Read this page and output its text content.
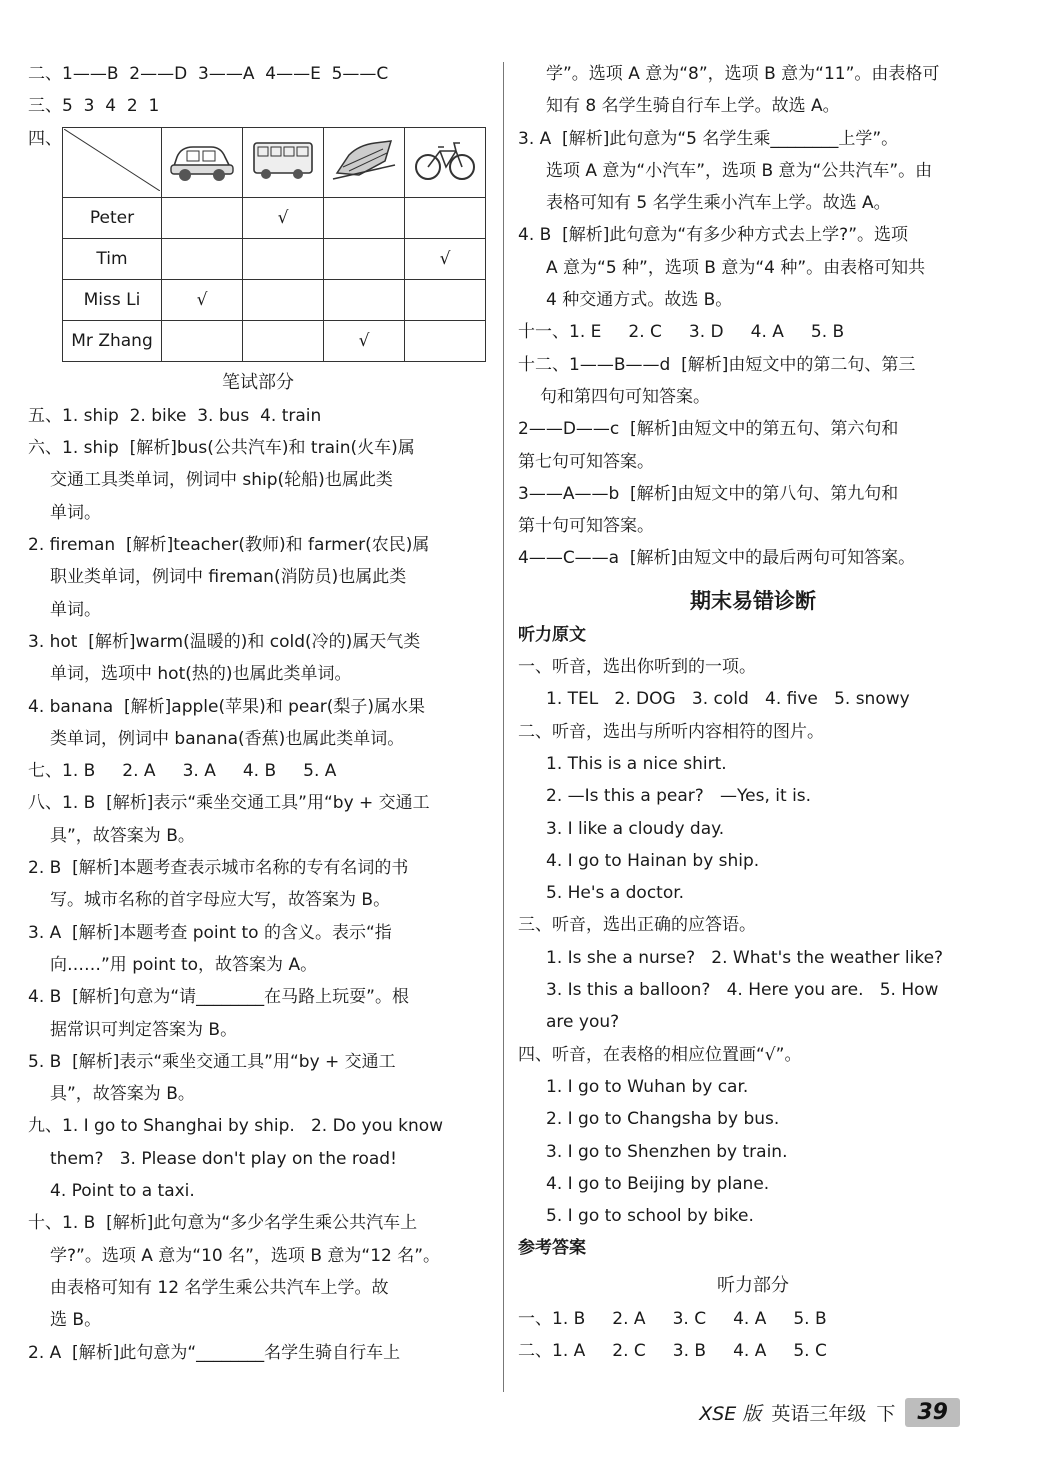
二、1——B  2——D  3——A  4——E  5——C

三、5  3  4  2  1

四、

Peter		√		
Tim				√
Miss Li	√			
Mr Zhang			√	

笔试部分

五、1. ship  2. bike  3. bus  4. train

六、1. ship  [解析]bus(公共汽车)和 train(火车)属

交通工具类单词，例词中 ship(轮船)也属此类

单词。

2. fireman  [解析]teacher(教师)和 farmer(农民)属

职业类单词，例词中 fireman(消防员)也属此类

单词。

3. hot  [解析]warm(温暖的)和 cold(冷的)属天气类

单词，选项中 hot(热的)也属此类单词。

4. banana  [解析]apple(苹果)和 pear(梨子)属水果

类单词，例词中 banana(香蕉)也属此类单词。

七、1. B     2. A     3. A     4. B     5. A

八、1. B  [解析]表示“乘坐交通工具”用“by + 交通工

具”，故答案为 B。

2. B  [解析]本题考查表示城市名称的专有名词的书

写。城市名称的首字母应大写，故答案为 B。

3. A  [解析]本题考查 point to 的含义。表示“指

向……”用 point to，故答案为 A。

4. B  [解析]句意为“请________在马路上玩耍”。根

据常识可判定答案为 B。

5. B  [解析]表示“乘坐交通工具”用“by + 交通工

具”，故答案为 B。

九、1. I go to Shanghai by ship.   2. Do you know

them?   3. Please don't play on the road!

4. Point to a taxi.

十、1. B  [解析]此句意为“多少名学生乘公共汽车上

学?”。选项 A 意为“10 名”，选项 B 意为“12 名”。

由表格可知有 12 名学生乘公共汽车上学。故

选 B。

2. A  [解析]此句意为“________名学生骑自行车上

学”。选项 A 意为“8”，选项 B 意为“11”。由表格可

知有 8 名学生骑自行车上学。故选 A。

3. A  [解析]此句意为“5 名学生乘________上学”。

选项 A 意为“小汽车”，选项 B 意为“公共汽车”。由

表格可知有 5 名学生乘小汽车上学。故选 A。

4. B  [解析]此句意为“有多少种方式去上学?”。选项

A 意为“5 种”，选项 B 意为“4 种”。由表格可知共

4 种交通方式。故选 B。

十一、1. E     2. C     3. D     4. A     5. B

十二、1——B——d  [解析]由短文中的第二句、第三

句和第四句可知答案。

2——D——c  [解析]由短文中的第五句、第六句和

第七句可知答案。

3——A——b  [解析]由短文中的第八句、第九句和

第十句可知答案。

4——C——a  [解析]由短文中的最后两句可知答案。

期末易错诊断

听力原文

一、听音，选出你听到的一项。

1. TEL   2. DOG   3. cold   4. five   5. snowy

二、听音，选出与所听内容相符的图片。

1. This is a nice shirt.

2. —Is this a pear?   —Yes, it is.

3. I like a cloudy day.

4. I go to Hainan by ship.

5. He's a doctor.

三、听音，选出正确的应答语。

1. Is she a nurse?   2. What's the weather like?

3. Is this a balloon?   4. Here you are.   5. How

are you?

四、听音，在表格的相应位置画“√”。

1. I go to Wuhan by car.

2. I go to Changsha by bus.

3. I go to Shenzhen by train.

4. I go to Beijing by plane.

5. I go to school by bike.

参考答案

听力部分

一、1. B     2. A     3. C     4. A     5. B

二、1. A     2. C     3. B     4. A     5. C

XSE 版 英语三年级 下	39
